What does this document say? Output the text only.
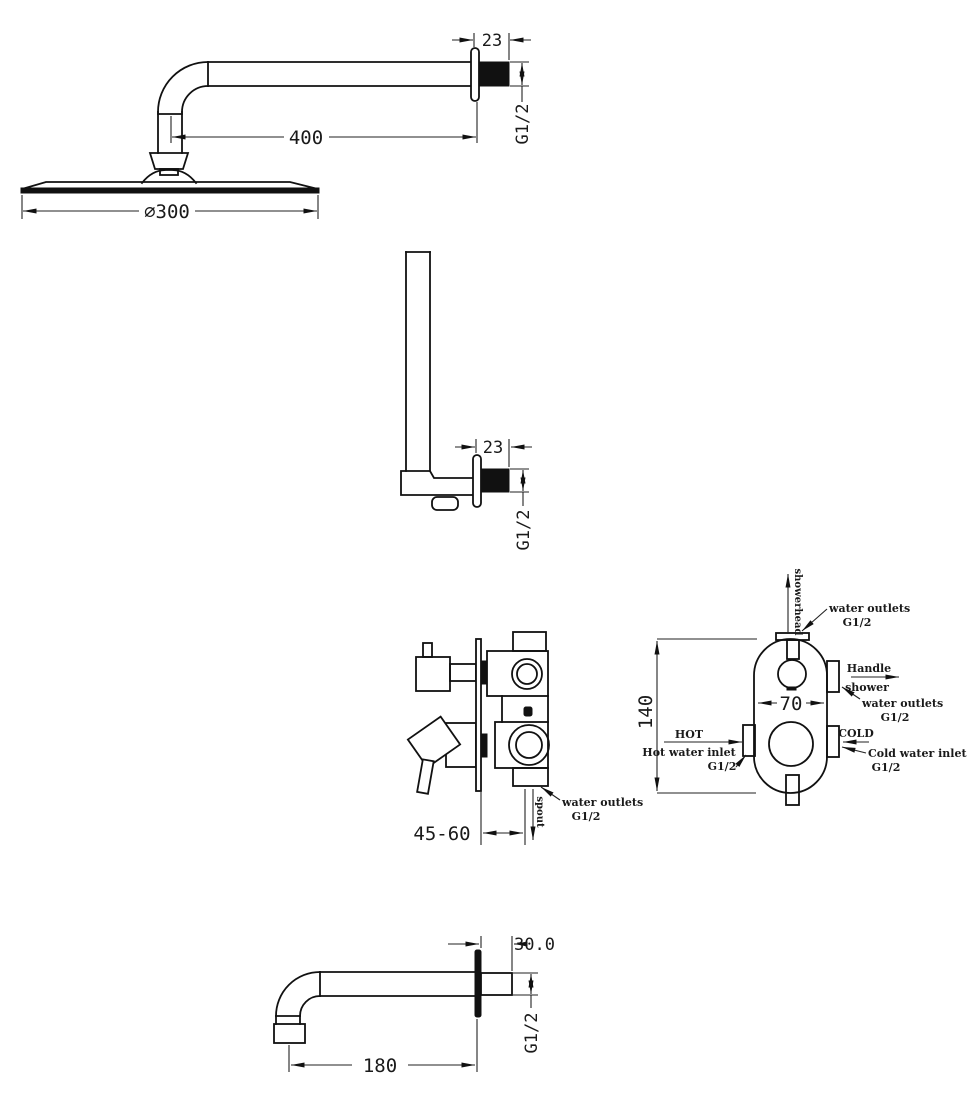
23
G1/2
400
∅300
23
G1/2
spout water outlets
G1/2
45-60
140	70
showerhead water outlets
G1/2
Handle
shower
water outlets
G1/2
HOT
Hot water inlet
G1/2
COLD
Cold water inlet
G1/2
30.0
G1/2
180
